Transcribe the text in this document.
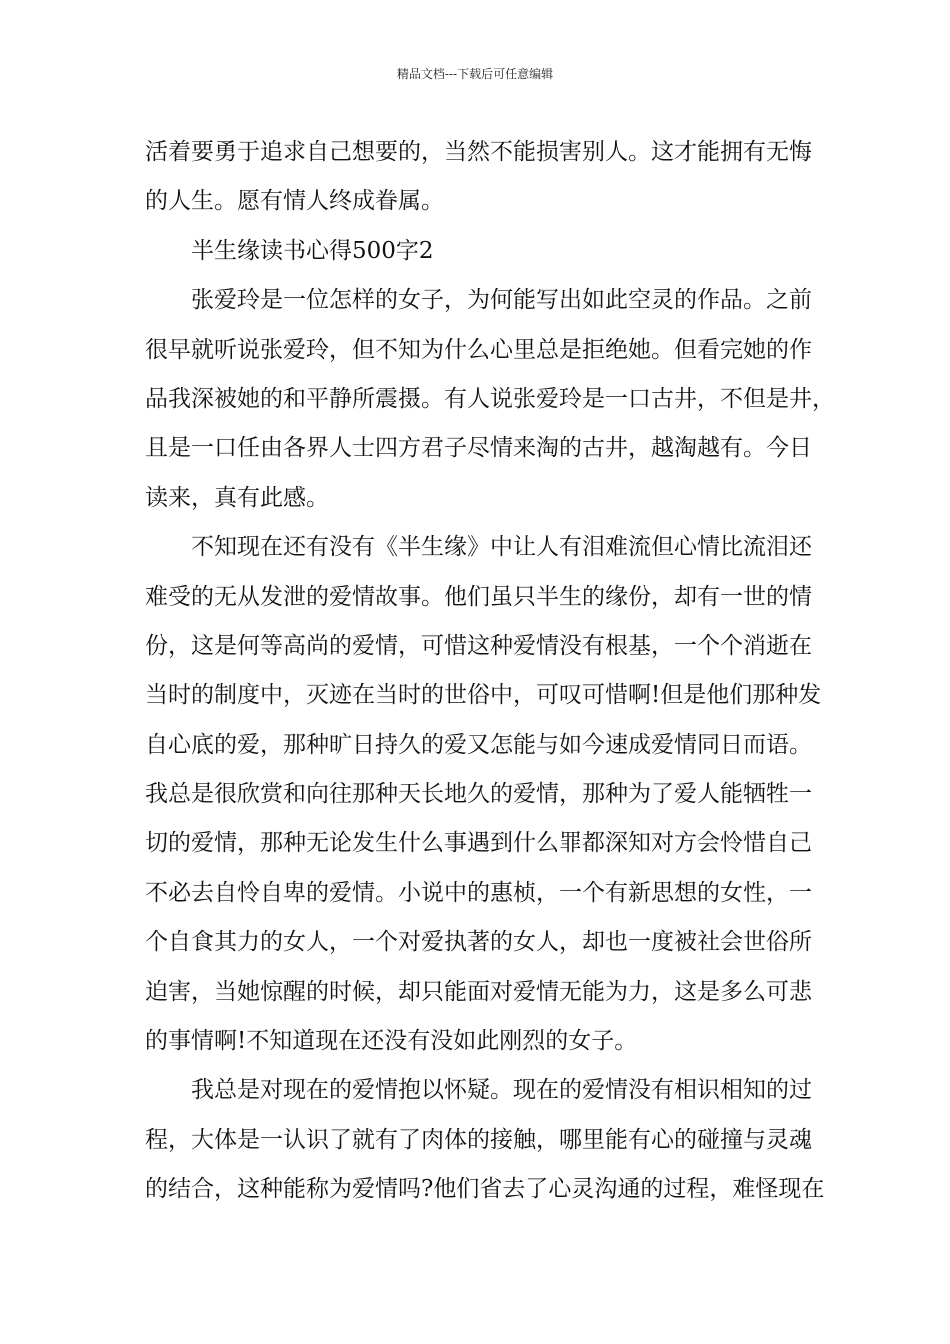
精品文档---下载后可任意编辑
活着要勇于追求自己想要的，当然不能损害别人。这才能拥有无悔
的人生。愿有情人终成眷属。
半生缘读书心得500字2
张爱玲是一位怎样的女子，为何能写出如此空灵的作品。之前
很早就听说张爱玲，但不知为什么心里总是拒绝她。但看完她的作
品我深被她的和平静所震摄。有人说张爱玲是一口古井，不但是井，
且是一口任由各界人士四方君子尽情来淘的古井，越淘越有。今日
读来，真有此感。
不知现在还有没有《半生缘》中让人有泪难流但心情比流泪还
难受的无从发泄的爱情故事。他们虽只半生的缘份，却有一世的情
份，这是何等高尚的爱情，可惜这种爱情没有根基，一个个消逝在
当时的制度中，灭迹在当时的世俗中，可叹可惜啊!但是他们那种发
自心底的爱，那种旷日持久的爱又怎能与如今速成爱情同日而语。
我总是很欣赏和向往那种天长地久的爱情，那种为了爱人能牺牲一
切的爱情，那种无论发生什么事遇到什么罪都深知对方会怜惜自己
不必去自怜自卑的爱情。小说中的惠桢，一个有新思想的女性，一
个自食其力的女人，一个对爱执著的女人，却也一度被社会世俗所
迫害，当她惊醒的时候，却只能面对爱情无能为力，这是多么可悲
的事情啊!不知道现在还没有没如此刚烈的女子。
我总是对现在的爱情抱以怀疑。现在的爱情没有相识相知的过
程，大体是一认识了就有了肉体的接触，哪里能有心的碰撞与灵魂
的结合，这种能称为爱情吗?他们省去了心灵沟通的过程，难怪现在
